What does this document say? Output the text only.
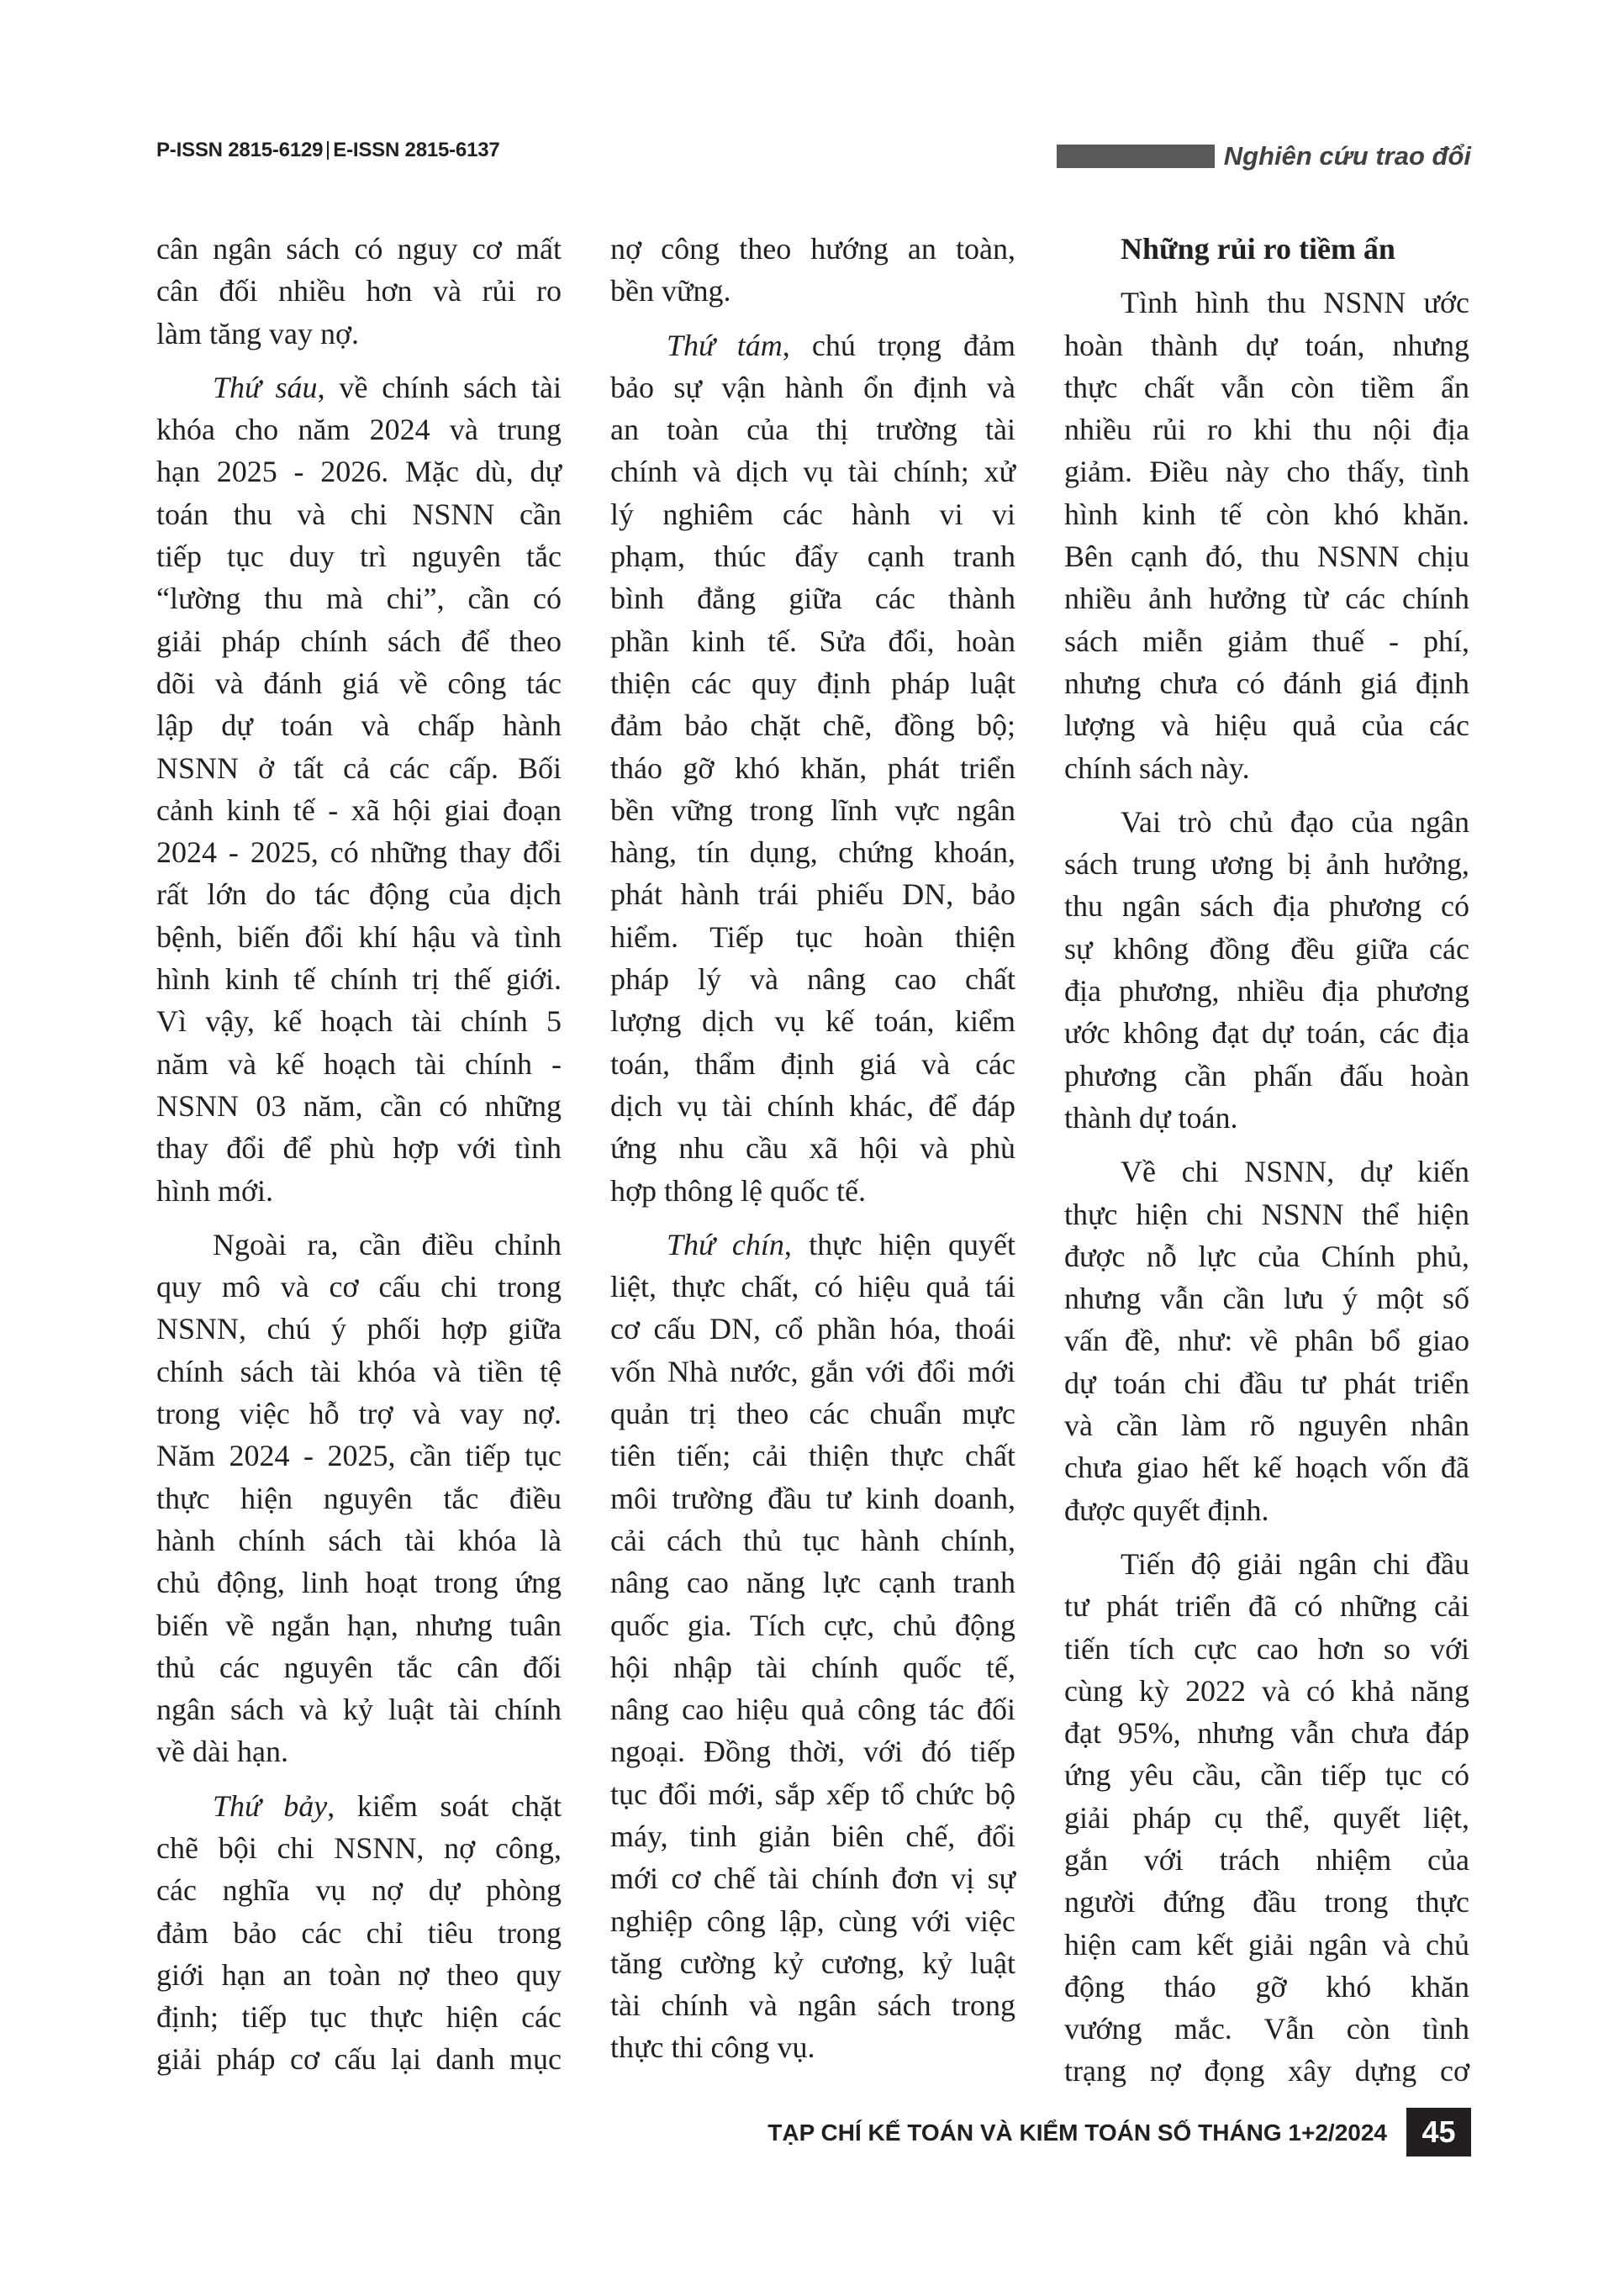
P-ISSN 2815-6129 E-ISSN 2815-6137	Nghiên cứu trao đổi
cân ngân sách có nguy cơ mất
cân đối nhiều hơn và rủi ro
làm tăng vay nợ.
Thứ sáu, về chính sách tài
khóa cho năm 2024 và trung
hạn 2025 - 2026. Mặc dù, dự
toán thu và chi NSNN cần
tiếp tục duy trì nguyên tắc
“lường thu mà chi”, cần có
giải pháp chính sách để theo
dõi và đánh giá về công tác
lập dự toán và chấp hành
NSNN ở tất cả các cấp. Bối
cảnh kinh tế - xã hội giai đoạn
2024 - 2025, có những thay đổi
rất lớn do tác động của dịch
bệnh, biến đổi khí hậu và tình
hình kinh tế chính trị thế giới.
Vì vậy, kế hoạch tài chính 5
năm và kế hoạch tài chính -
NSNN 03 năm, cần có những
thay đổi để phù hợp với tình
hình mới.
Ngoài ra, cần điều chỉnh
quy mô và cơ cấu chi trong
NSNN, chú ý phối hợp giữa
chính sách tài khóa và tiền tệ
trong việc hỗ trợ và vay nợ.
Năm 2024 - 2025, cần tiếp tục
thực hiện nguyên tắc điều
hành chính sách tài khóa là
chủ động, linh hoạt trong ứng
biến về ngắn hạn, nhưng tuân
thủ các nguyên tắc cân đối
ngân sách và kỷ luật tài chính
về dài hạn.
Thứ bảy, kiểm soát chặt
chẽ bội chi NSNN, nợ công,
các nghĩa vụ nợ dự phòng
đảm bảo các chỉ tiêu trong
giới hạn an toàn nợ theo quy
định; tiếp tục thực hiện các
giải pháp cơ cấu lại danh mục
nợ công theo hướng an toàn,
bền vững.
Thứ tám, chú trọng đảm
bảo sự vận hành ổn định và
an toàn của thị trường tài
chính và dịch vụ tài chính; xử
lý nghiêm các hành vi vi
phạm, thúc đẩy cạnh tranh
bình đẳng giữa các thành
phần kinh tế. Sửa đổi, hoàn
thiện các quy định pháp luật
đảm bảo chặt chẽ, đồng bộ;
tháo gỡ khó khăn, phát triển
bền vững trong lĩnh vực ngân
hàng, tín dụng, chứng khoán,
phát hành trái phiếu DN, bảo
hiểm. Tiếp tục hoàn thiện
pháp lý và nâng cao chất
lượng dịch vụ kế toán, kiểm
toán, thẩm định giá và các
dịch vụ tài chính khác, để đáp
ứng nhu cầu xã hội và phù
hợp thông lệ quốc tế.
Thứ chín, thực hiện quyết
liệt, thực chất, có hiệu quả tái
cơ cấu DN, cổ phần hóa, thoái
vốn Nhà nước, gắn với đổi mới
quản trị theo các chuẩn mực
tiên tiến; cải thiện thực chất
môi trường đầu tư kinh doanh,
cải cách thủ tục hành chính,
nâng cao năng lực cạnh tranh
quốc gia. Tích cực, chủ động
hội nhập tài chính quốc tế,
nâng cao hiệu quả công tác đối
ngoại. Đồng thời, với đó tiếp
tục đổi mới, sắp xếp tổ chức bộ
máy, tinh giản biên chế, đổi
mới cơ chế tài chính đơn vị sự
nghiệp công lập, cùng với việc
tăng cường kỷ cương, kỷ luật
tài chính và ngân sách trong
thực thi công vụ.
Những rủi ro tiềm ẩn
Tình hình thu NSNN ước
hoàn thành dự toán, nhưng
thực chất vẫn còn tiềm ẩn
nhiều rủi ro khi thu nội địa
giảm. Điều này cho thấy, tình
hình kinh tế còn khó khăn.
Bên cạnh đó, thu NSNN chịu
nhiều ảnh hưởng từ các chính
sách miễn giảm thuế - phí,
nhưng chưa có đánh giá định
lượng và hiệu quả của các
chính sách này.
Vai trò chủ đạo của ngân
sách trung ương bị ảnh hưởng,
thu ngân sách địa phương có
sự không đồng đều giữa các
địa phương, nhiều địa phương
ước không đạt dự toán, các địa
phương cần phấn đấu hoàn
thành dự toán.
Về chi NSNN, dự kiến
thực hiện chi NSNN thể hiện
được nỗ lực của Chính phủ,
nhưng vẫn cần lưu ý một số
vấn đề, như: về phân bổ giao
dự toán chi đầu tư phát triển
và cần làm rõ nguyên nhân
chưa giao hết kế hoạch vốn đã
được quyết định.
Tiến độ giải ngân chi đầu
tư phát triển đã có những cải
tiến tích cực cao hơn so với
cùng kỳ 2022 và có khả năng
đạt 95%, nhưng vẫn chưa đáp
ứng yêu cầu, cần tiếp tục có
giải pháp cụ thể, quyết liệt,
gắn với trách nhiệm của
người đứng đầu trong thực
hiện cam kết giải ngân và chủ
động tháo gỡ khó khăn
vướng mắc. Vẫn còn tình
trạng nợ đọng xây dựng cơ
TẠP CHÍ KẾ TOÁN VÀ KIỂM TOÁN SỐ THÁNG 1+2/2024	45
